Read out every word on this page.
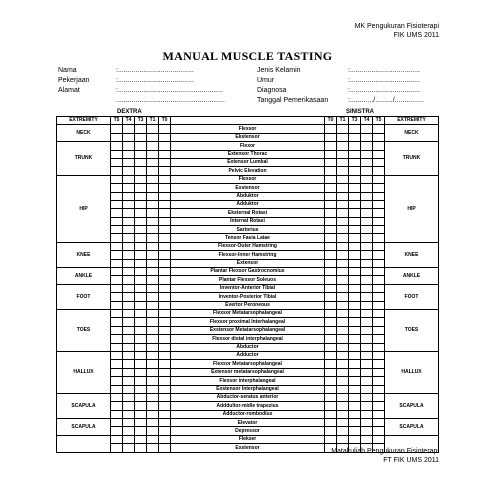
MK Pengukuran Fisioterapi
FIK UMS 2011
MANUAL MUSCLE TASTING
Nama	:.......................................
Pekerjaan	:.......................................
Alamat	:......................................................
........................................................
Jenis Kelamin	:....................................
Umur	:....................................
Diagnosa	:....................................
Tanggal Pemerikasaan	:............/........./...............
DEXTRA	SINISTRA
EXTREMITY	T5	T4	T3	T1	T0		T0	T1	T3	T4	T5	EXTREMITY
NECK						Flexsor						NECK
						Ekstensor						
TRUNK						Flexor						TRUNK
						Extensor Thorac						
						Extensor Lumbal						
						Pelvic Elevation						
HIP						Flexsor						HIP
						Exstensor						
						Abduktor						
						Adduktor						
						Eksternal Rotasi						
						Internal Rotasi						
						Sartorius						
						Tensor Fasia Latae						
KNEE						Flexsor-Outer Hamstring						KNEE
						Flexsor-Inner Hamstring						
						Extensor						
ANKLE						Plantar Flexsor Gastrocnomius						ANKLE
						Plantar Flexsor Soleuos						
FOOT						Inventor-Anterior Tibial						FOOT
						Inventor-Posterior Tibial						
						Evertor Peroneous						
TOES						Flexsor Metatarsophalangeal						TOES
						Flexsor proximal Interhalangeal						
						Exstensor Metatarsophalangeal						
						Flexsor distal interphalangeal						
						Abductor						
HALLUX						Adductor						HALLUX
						Flexsor Metatarsophalangeal						
						Extensor metatarsophalangeal						
						Flexsor interphalangeal						
						Exstensor Interphalangeal						
SCAPULA						Abductor-seratus anterior						SCAPULA
						Adddultor-midle trapezius						
						Adductor-rombodius						
SCAPULA						Elevator						SCAPULA
						Depressor						
						Flekser						
						Exstensor						
Matakuliah Pengukuran Fisioterapi
FT FIK UMS 2011
